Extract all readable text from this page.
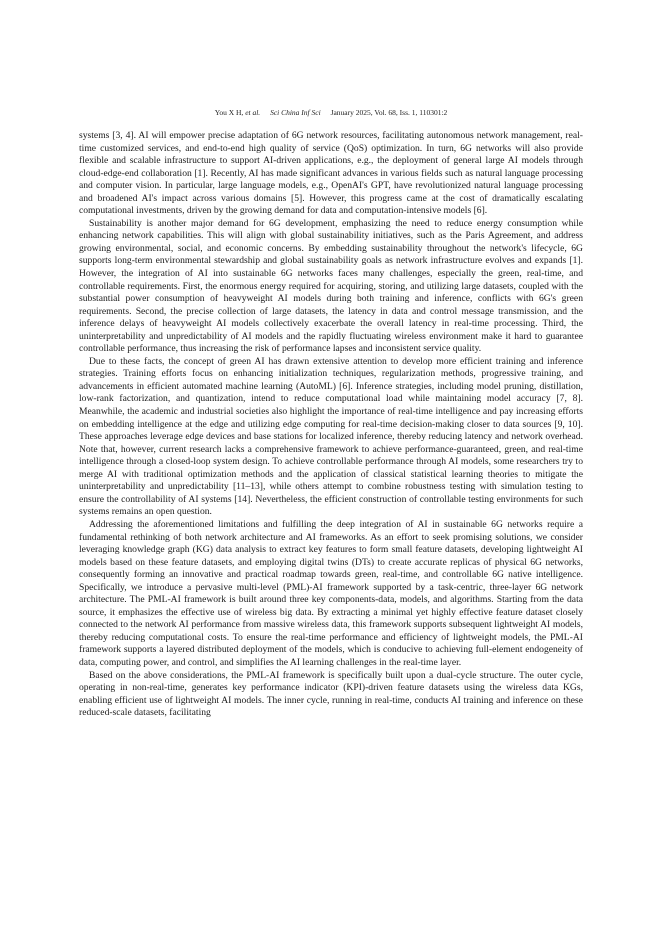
You X H, et al. Sci China Inf Sci January 2025, Vol. 68, Iss. 1, 110301:2

systems [3, 4]. AI will empower precise adaptation of 6G network resources, facilitating autonomous network management, real-time customized services, and end-to-end high quality of service (QoS) optimization. In turn, 6G networks will also provide flexible and scalable infrastructure to support AI-driven applications, e.g., the deployment of general large AI models through cloud-edge-end collaboration [1]. Recently, AI has made significant advances in various fields such as natural language processing and computer vision. In particular, large language models, e.g., OpenAI's GPT, have revolutionized natural language processing and broadened AI's impact across various domains [5]. However, this progress came at the cost of dramatically escalating computational investments, driven by the growing demand for data and computation-intensive models [6].

Sustainability is another major demand for 6G development, emphasizing the need to reduce energy consumption while enhancing network capabilities. This will align with global sustainability initiatives, such as the Paris Agreement, and address growing environmental, social, and economic concerns. By embedding sustainability throughout the network's lifecycle, 6G supports long-term environmental stewardship and global sustainability goals as network infrastructure evolves and expands [1]. However, the integration of AI into sustainable 6G networks faces many challenges, especially the green, real-time, and controllable requirements. First, the enormous energy required for acquiring, storing, and utilizing large datasets, coupled with the substantial power consumption of heavyweight AI models during both training and inference, conflicts with 6G's green requirements. Second, the precise collection of large datasets, the latency in data and control message transmission, and the inference delays of heavyweight AI models collectively exacerbate the overall latency in real-time processing. Third, the uninterpretability and unpredictability of AI models and the rapidly fluctuating wireless environment make it hard to guarantee controllable performance, thus increasing the risk of performance lapses and inconsistent service quality.

Due to these facts, the concept of green AI has drawn extensive attention to develop more efficient training and inference strategies. Training efforts focus on enhancing initialization techniques, regularization methods, progressive training, and advancements in efficient automated machine learning (AutoML) [6]. Inference strategies, including model pruning, distillation, low-rank factorization, and quantization, intend to reduce computational load while maintaining model accuracy [7, 8]. Meanwhile, the academic and industrial societies also highlight the importance of real-time intelligence and pay increasing efforts on embedding intelligence at the edge and utilizing edge computing for real-time decision-making closer to data sources [9, 10]. These approaches leverage edge devices and base stations for localized inference, thereby reducing latency and network overhead. Note that, however, current research lacks a comprehensive framework to achieve performance-guaranteed, green, and real-time intelligence through a closed-loop system design. To achieve controllable performance through AI models, some researchers try to merge AI with traditional optimization methods and the application of classical statistical learning theories to mitigate the uninterpretability and unpredictability [11–13], while others attempt to combine robustness testing with simulation testing to ensure the controllability of AI systems [14]. Nevertheless, the efficient construction of controllable testing environments for such systems remains an open question.

Addressing the aforementioned limitations and fulfilling the deep integration of AI in sustainable 6G networks require a fundamental rethinking of both network architecture and AI frameworks. As an effort to seek promising solutions, we consider leveraging knowledge graph (KG) data analysis to extract key features to form small feature datasets, developing lightweight AI models based on these feature datasets, and employing digital twins (DTs) to create accurate replicas of physical 6G networks, consequently forming an innovative and practical roadmap towards green, real-time, and controllable 6G native intelligence. Specifically, we introduce a pervasive multi-level (PML)-AI framework supported by a task-centric, three-layer 6G network architecture. The PML-AI framework is built around three key components-data, models, and algorithms. Starting from the data source, it emphasizes the effective use of wireless big data. By extracting a minimal yet highly effective feature dataset closely connected to the network AI performance from massive wireless data, this framework supports subsequent lightweight AI models, thereby reducing computational costs. To ensure the real-time performance and efficiency of lightweight models, the PML-AI framework supports a layered distributed deployment of the models, which is conducive to achieving full-element endogeneity of data, computing power, and control, and simplifies the AI learning challenges in the real-time layer.

Based on the above considerations, the PML-AI framework is specifically built upon a dual-cycle structure. The outer cycle, operating in non-real-time, generates key performance indicator (KPI)-driven feature datasets using the wireless data KGs, enabling efficient use of lightweight AI models. The inner cycle, running in real-time, conducts AI training and inference on these reduced-scale datasets, facilitating
